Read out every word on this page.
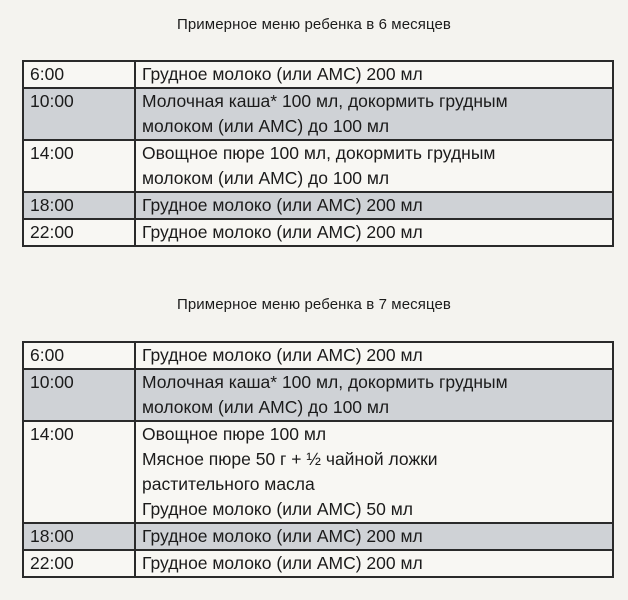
Примерное меню ребенка в 6 месяцев
6:00	Грудное молоко (или АМС) 200 мл

10:00	Молочная каша* 100 мл, докормить грудным
молоком (или АМС) до 100 мл

14:00	Овощное пюре 100 мл, докормить грудным
молоком (или АМС) до 100 мл

18:00	Грудное молоко (или АМС) 200 мл

22:00	Грудное молоко (или АМС) 200 мл
Примерное меню ребенка в 7 месяцев
6:00	Грудное молоко (или АМС) 200 мл

10:00	Молочная каша* 100 мл, докормить грудным
молоком (или АМС) до 100 мл

14:00	Овощное пюре 100 мл
Мясное пюре 50 г + ½ чайной ложки
растительного масла
Грудное молоко (или АМС) 50 мл

18:00	Грудное молоко (или АМС) 200 мл

22:00	Грудное молоко (или АМС) 200 мл
